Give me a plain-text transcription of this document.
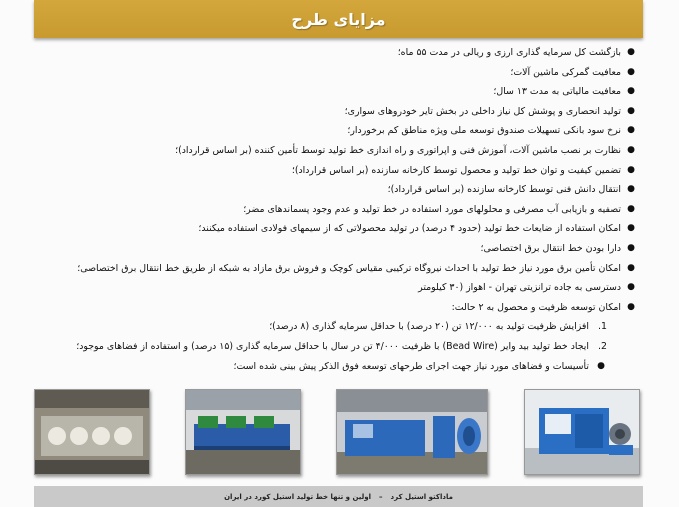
مزایای طرح
●
بازگشت کل سرمایه گذاری ارزی و ریالی در مدت ۵۵ ماه؛
●
معافیت گمرکی ماشین آلات؛
●
معافیت مالیاتی به مدت ۱۳ سال؛
●
تولید انحصاری و پوشش کل نیاز داخلی در بخش تایر خودروهای سواری؛
●
نرخ سود بانکی تسهیلات صندوق توسعه ملی ویژه مناطق کم برخوردار؛
●
نظارت بر نصب ماشین آلات، آموزش فنی و اپراتوری و راه اندازی خط تولید توسط تأمین کننده (بر اساس قرارداد)؛
●
تضمین کیفیت و توان خط تولید و محصول توسط کارخانه سازنده (بر اساس قرارداد)؛
●
انتقال دانش فنی توسط کارخانه سازنده (بر اساس قرارداد)؛
●
تصفیه و بازیابی آب مصرفی و محلولهای مورد استفاده در خط تولید و عدم وجود پسماندهای مضر؛
●
امکان استفاده از ضایعات خط تولید (حدود ۴ درصد) در تولید محصولاتی که از سیمهای فولادی استفاده میکنند؛
●
دارا بودن خط انتقال برق اختصاصی؛
●
امکان تأمین برق مورد نیاز خط تولید با احداث نیروگاه ترکیبی مقیاس کوچک و فروش برق مازاد به شبکه از طریق خط انتقال برق اختصاصی؛
●
دسترسی به جاده ترانزیتی تهران - اهواز (۳۰ کیلومتر
●
امکان توسعه ظرفیت و محصول به ۲ حالت:
1.
افزایش ظرفیت تولید به ۱۲/۰۰۰ تن (۲۰ درصد) با حداقل سرمایه گذاری (۸ درصد)؛
2.
ایجاد خط تولید بید وایر (Bead Wire) با ظرفیت ۴/۰۰۰ تن در سال با حداقل سرمایه گذاری (۱۵ درصد) و استفاده از فضاهای موجود؛
●
تأسیسات و فضاهای مورد نیاز جهت اجرای طرحهای توسعه فوق الذکر پیش بینی شده است؛
ماداکتو استیل کرد
–
اولین و تنها خط تولید استیل کورد در ایران
